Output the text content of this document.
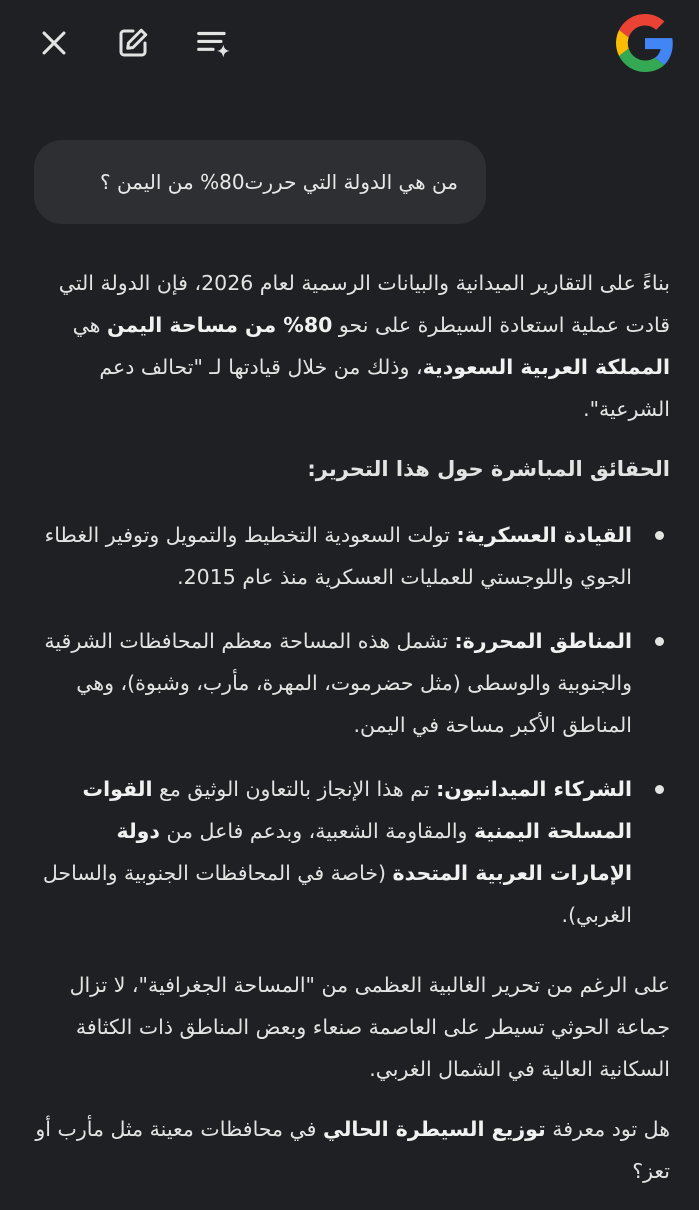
من هي الدولة التي حررت80% من اليمن ؟

بناءً على التقارير الميدانية والبيانات الرسمية لعام 2026، فإن الدولة التي قادت عملية استعادة السيطرة على نحو 80% من مساحة اليمن هي المملكة العربية السعودية، وذلك من خلال قيادتها لـ "تحالف دعم الشرعية".

الحقائق المباشرة حول هذا التحرير:

القيادة العسكرية: تولت السعودية التخطيط والتمويل وتوفير الغطاء الجوي واللوجستي للعمليات العسكرية منذ عام 2015.
المناطق المحررة: تشمل هذه المساحة معظم المحافظات الشرقية والجنوبية والوسطى (مثل حضرموت، المهرة، مأرب، وشبوة)، وهي المناطق الأكبر مساحة في اليمن.
الشركاء الميدانيون: تم هذا الإنجاز بالتعاون الوثيق مع القوات المسلحة اليمنية والمقاومة الشعبية، وبدعم فاعل من دولة الإمارات العربية المتحدة (خاصة في المحافظات الجنوبية والساحل الغربي).

على الرغم من تحرير الغالبية العظمى من "المساحة الجغرافية"، لا تزال جماعة الحوثي تسيطر على العاصمة صنعاء وبعض المناطق ذات الكثافة السكانية العالية في الشمال الغربي.

هل تود معرفة توزيع السيطرة الحالي في محافظات معينة مثل مأرب أو تعز؟
